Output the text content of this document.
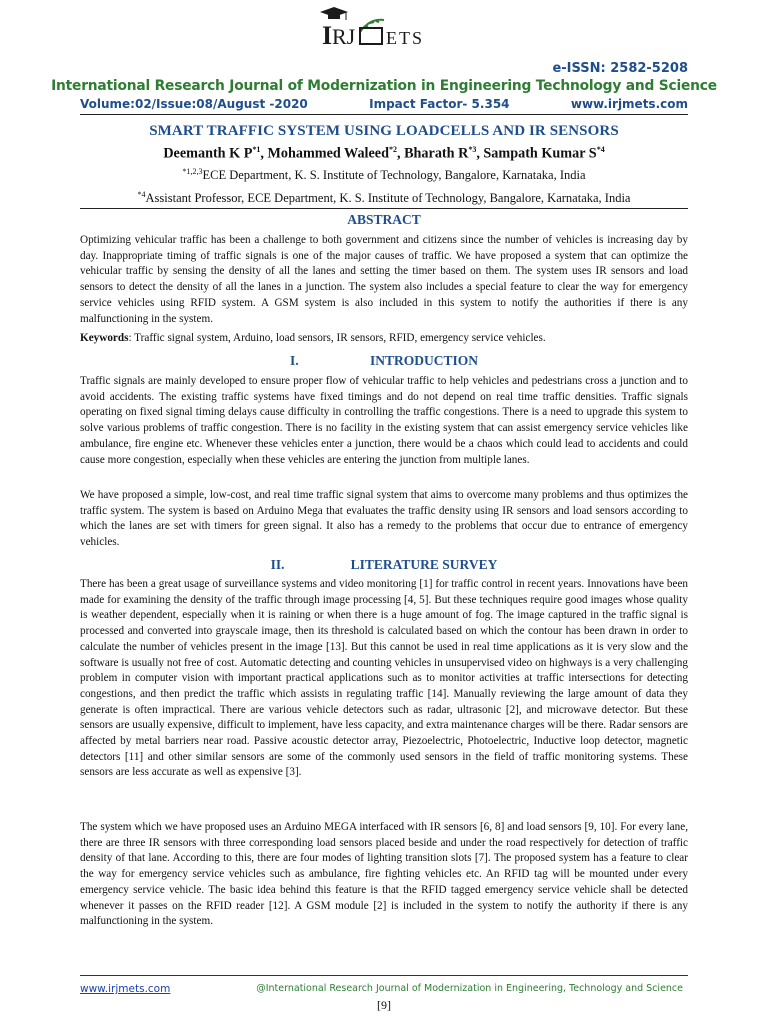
I RJ ETS
e-ISSN: 2582-5208
International Research Journal of Modernization in Engineering Technology and Science
Volume:02/Issue:08/August -2020	Impact Factor- 5.354	www.irjmets.com
SMART TRAFFIC SYSTEM USING LOADCELLS AND IR SENSORS
Deemanth K $P^{*1}$, Mohammed Waleed$^{*2}$, Bharath $R^{*3}$, Sampath Kumar $S^{*4}$
$^{*1,2,3}$ECE Department, K. S. Institute of Technology, Bangalore, Karnataka, India
$^{*4}$Assistant Professor, ECE Department, K. S. Institute of Technology, Bangalore, Karnataka, India
ABSTRACT

Optimizing vehicular traffic has been a challenge to both government and citizens since the number of vehicles is increasing day by day. Inappropriate timing of traffic signals is one of the major causes of traffic. We have proposed a system that can optimize the vehicular traffic by sensing the density of all the lanes and setting the timer based on them. The system uses IR sensors and load sensors to detect the density of all the lanes in a junction. The system also includes a special feature to clear the way for emergency service vehicles using RFID system. A GSM system is also included in this system to notify the authorities if there is any malfunctioning in the system.

Keywords: Traffic signal system, Arduino, load sensors, IR sensors, RFID, emergency service vehicles.

I.	INTRODUCTION

Traffic signals are mainly developed to ensure proper flow of vehicular traffic to help vehicles and pedestrians cross a junction and to avoid accidents. The existing traffic systems have fixed timings and do not depend on real time traffic densities. Traffic signals operating on fixed signal timing delays cause difficulty in controlling the traffic congestions. There is a need to upgrade this system to solve various problems of traffic congestion. There is no facility in the existing system that can assist emergency service vehicles like ambulance, fire engine etc. Whenever these vehicles enter a junction, there would be a chaos which could lead to accidents and could cause more congestion, especially when these vehicles are entering the junction from multiple lanes.

We have proposed a simple, low-cost, and real time traffic signal system that aims to overcome many problems and thus optimizes the traffic system. The system is based on Arduino Mega that evaluates the traffic density using IR sensors and load sensors according to which the lanes are set with timers for green signal. It also has a remedy to the problems that occur due to entrance of emergency vehicles.

II.	LITERATURE SURVEY

There has been a great usage of surveillance systems and video monitoring [1] for traffic control in recent years. Innovations have been made for examining the density of the traffic through image processing [4, 5]. But these techniques require good images whose quality is weather dependent, especially when it is raining or when there is a huge amount of fog. The image captured in the traffic signal is processed and converted into grayscale image, then its threshold is calculated based on which the contour has been drawn in order to calculate the number of vehicles present in the image [13]. But this cannot be used in real time applications as it is very slow and the software is usually not free of cost. Automatic detecting and counting vehicles in unsupervised video on highways is a very challenging problem in computer vision with important practical applications such as to monitor activities at traffic intersections for detecting congestions, and then predict the traffic which assists in regulating traffic [14]. Manually reviewing the large amount of data they generate is often impractical. There are various vehicle detectors such as radar, ultrasonic [2], and microwave detector. But these sensors are usually expensive, difficult to implement, have less capacity, and extra maintenance charges will be there. Radar sensors are affected by metal barriers near road. Passive acoustic detector array, Piezoelectric, Photoelectric, Inductive loop detector, magnetic detectors [11] and other similar sensors are some of the commonly used sensors in the field of traffic monitoring systems. These sensors are less accurate as well as expensive [3].

The system which we have proposed uses an Arduino MEGA interfaced with IR sensors [6, 8] and load sensors [9, 10]. For every lane, there are three IR sensors with three corresponding load sensors placed beside and under the road respectively for detection of traffic density of that lane. According to this, there are four modes of lighting transition slots [7]. The proposed system has a feature to clear the way for emergency service vehicles such as ambulance, fire fighting vehicles etc. An RFID tag will be mounted under every emergency service vehicle. The basic idea behind this feature is that the RFID tagged emergency service vehicle shall be detected whenever it passes on the RFID reader [12]. A GSM module [2] is included in the system to notify the authority if there is any malfunctioning in the system.

www.irjmets.com	@International Research Journal of Modernization in Engineering, Technology and Science
[9]
